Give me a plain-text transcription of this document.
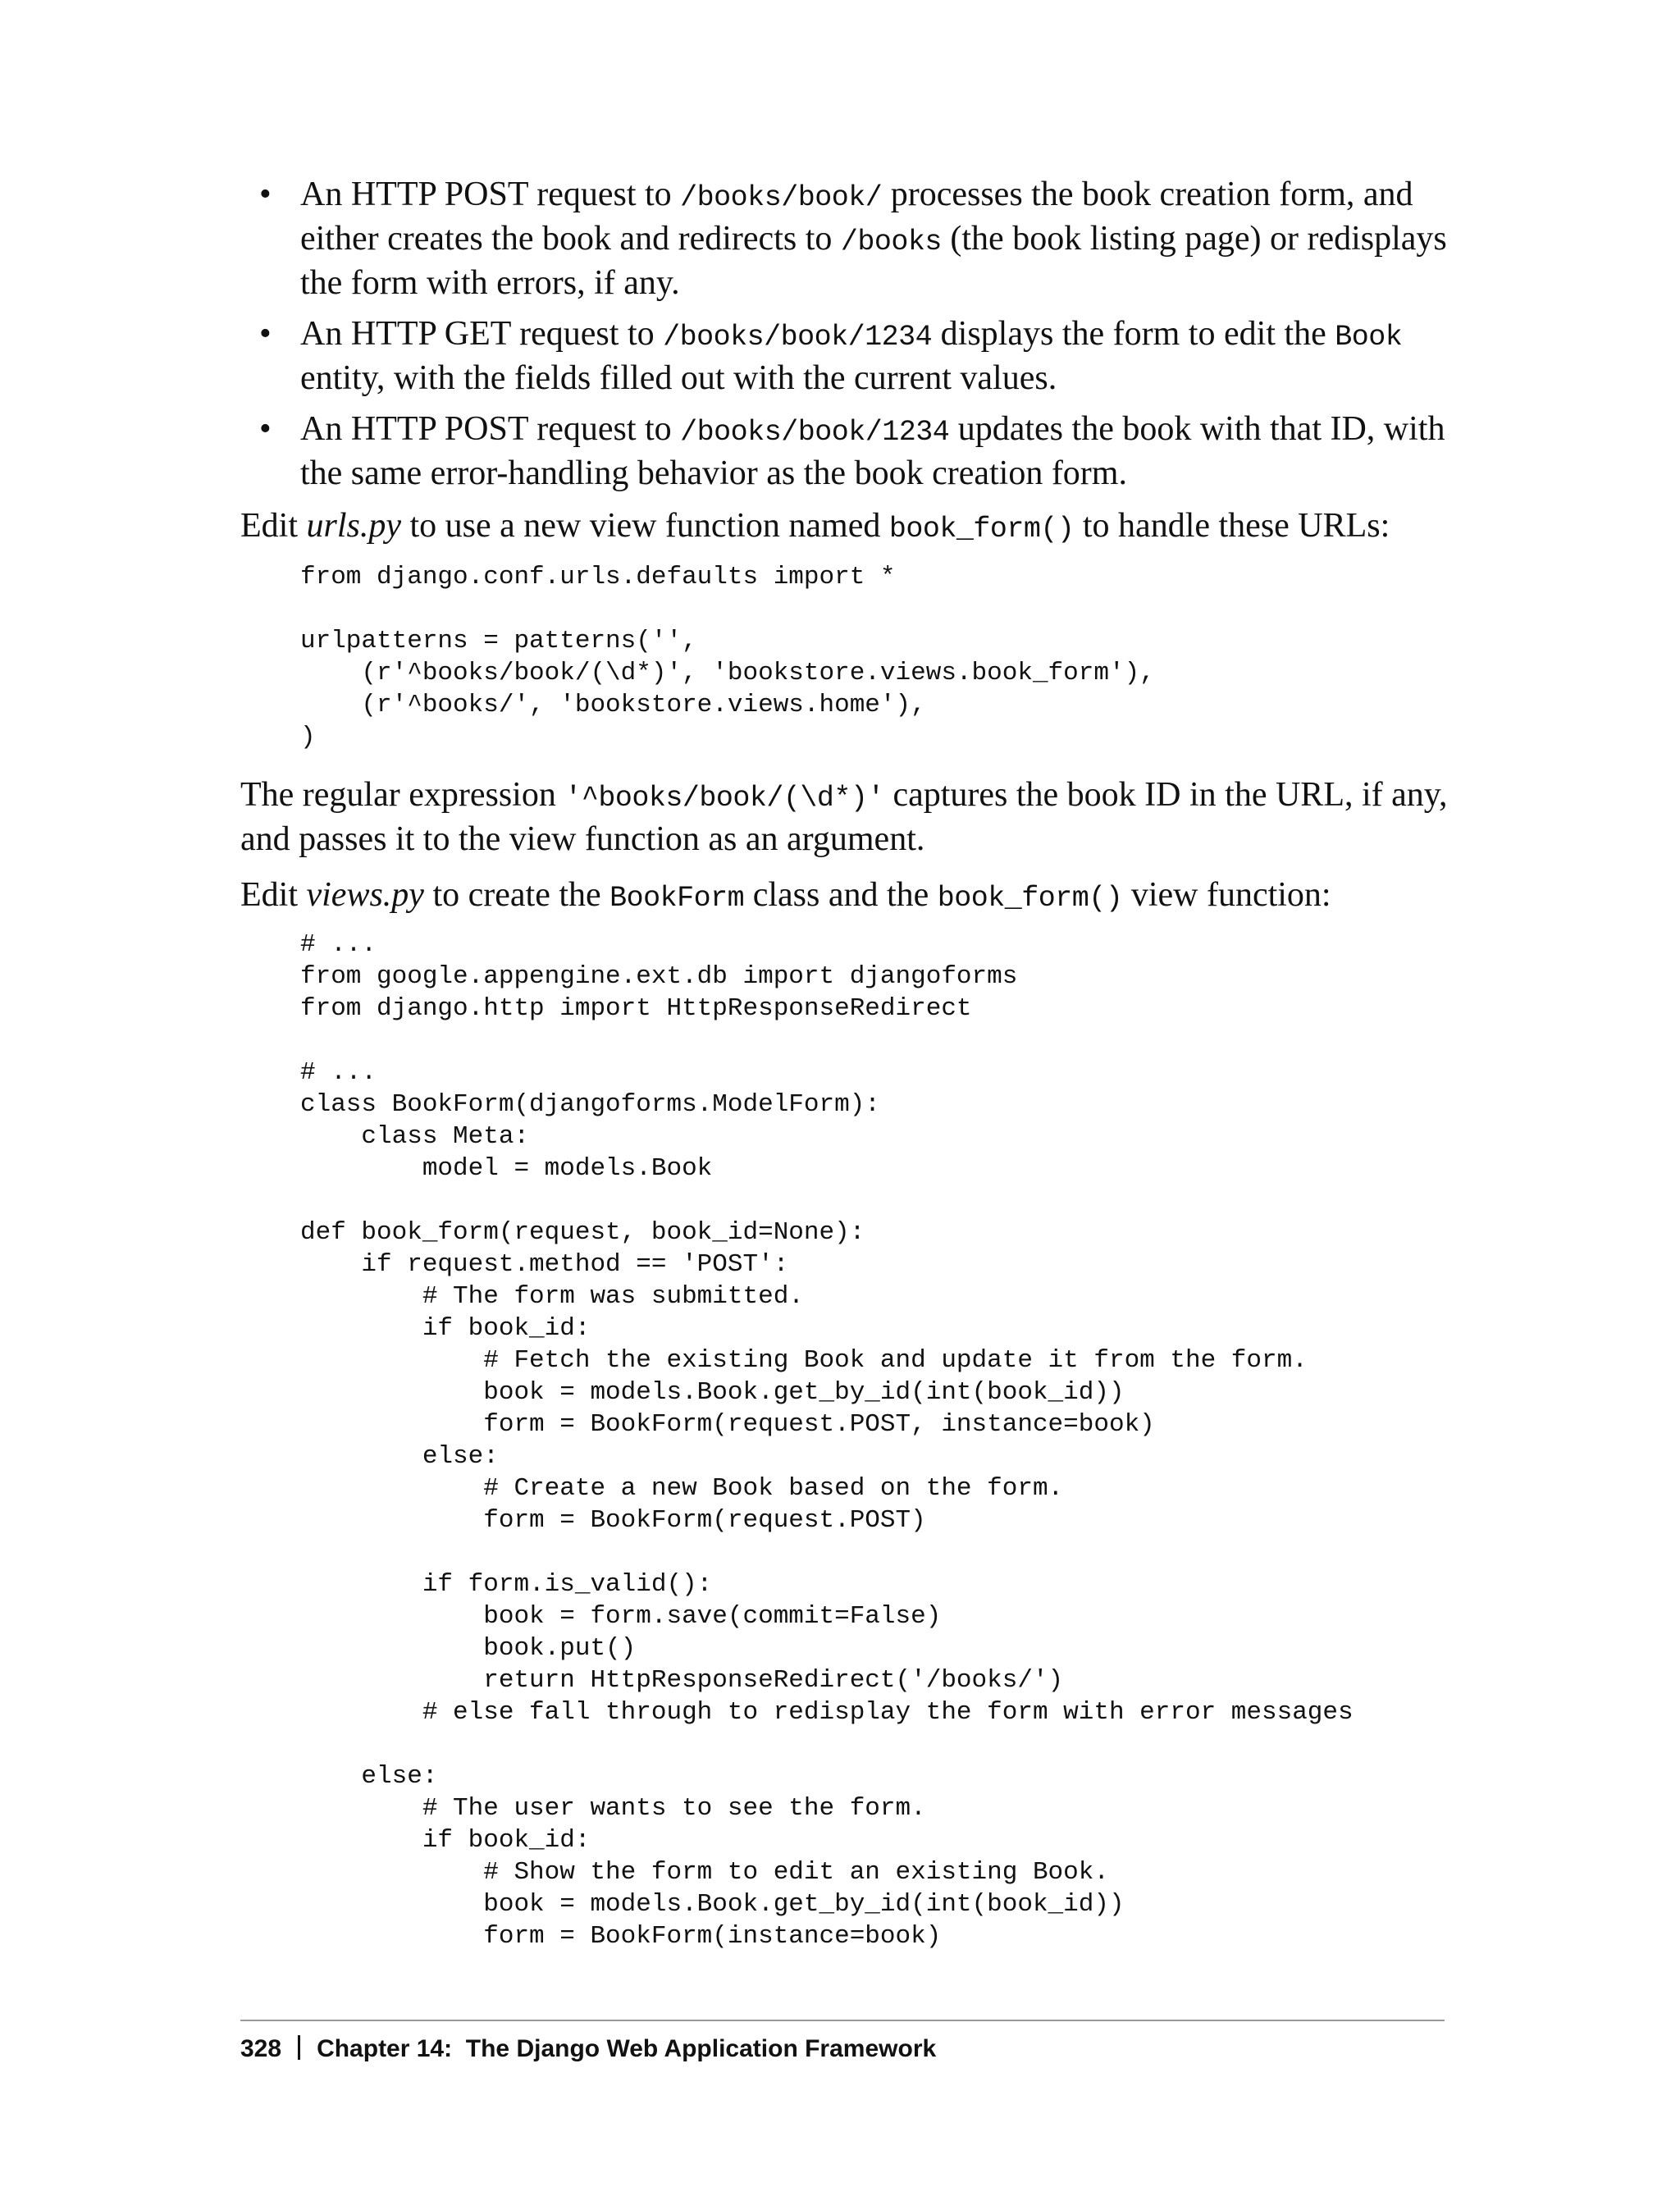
• An HTTP POST request to /books/book/ processes the book creation form, and either creates the book and redirects to /books (the book listing page) or redisplays the form with errors, if any.
• An HTTP GET request to /books/book/1234 displays the form to edit the Book entity, with the fields filled out with the current values.
• An HTTP POST request to /books/book/1234 updates the book with that ID, with the same error-handling behavior as the book creation form.

Edit urls.py to use a new view function named book_form() to handle these URLs:

from django.conf.urls.defaults import *

urlpatterns = patterns('',
(r'^books/book/(\d*)', 'bookstore.views.book_form'),
(r'^books/', 'bookstore.views.home'),
)

The regular expression '^books/book/(\d*)' captures the book ID in the URL, if any, and passes it to the view function as an argument.

Edit views.py to create the BookForm class and the book_form() view function:

# ...
from google.appengine.ext.db import djangoforms
from django.http import HttpResponseRedirect

# ...
class BookForm(djangoforms.ModelForm):
class Meta:
model = models.Book

def book_form(request, book_id=None):
if request.method == 'POST':
# The form was submitted.
if book_id:
# Fetch the existing Book and update it from the form.
book = models.Book.get_by_id(int(book_id))
form = BookForm(request.POST, instance=book)
else:
# Create a new Book based on the form.
form = BookForm(request.POST)

if form.is_valid():
book = form.save(commit=False)
book.put()
return HttpResponseRedirect('/books/')
# else fall through to redisplay the form with error messages

else:
# The user wants to see the form.
if book_id:
# Show the form to edit an existing Book.
book = models.Book.get_by_id(int(book_id))
form = BookForm(instance=book)
328 Chapter 14:  The Django Web Application Framework
